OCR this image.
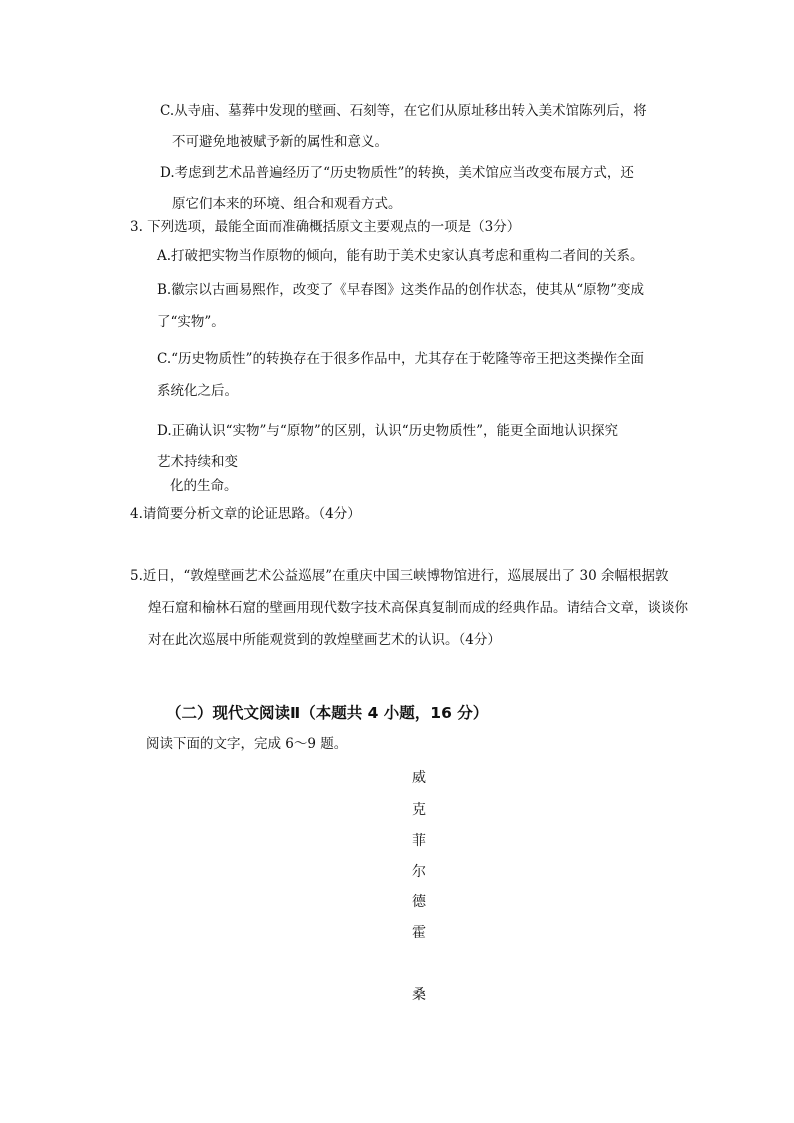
C.从寺庙、墓葬中发现的壁画、石刻等，在它们从原址移出转入美术馆陈列后，将
不可避免地被赋予新的属性和意义。
D.考虑到艺术品普遍经历了“历史物质性”的转换，美术馆应当改变布展方式，还
原它们本来的环境、组合和观看方式。
3. 下列选项，最能全面而准确概括原文主要观点的一项是（3分）
A.打破把实物当作原物的倾向，能有助于美术史家认真考虑和重构二者间的关系。
B.徽宗以古画易熙作，改变了《早春图》这类作品的创作状态，使其从“原物”变成
了“实物”。
C.“历史物质性”的转换存在于很多作品中，尤其存在于乾隆等帝王把这类操作全面
系统化之后。
D.正确认识“实物”与“原物”的区别，认识“历史物质性”，能更全面地认识探究
艺术持续和变
化的生命。
4.请简要分析文章的论证思路。（4分）
5.近日，“敦煌壁画艺术公益巡展”在重庆中国三峡博物馆进行，巡展展出了 30 余幅根据敦
煌石窟和榆林石窟的壁画用现代数字技术高保真复制而成的经典作品。请结合文章，谈谈你
对在此次巡展中所能观赏到的敦煌壁画艺术的认识。（4分）
（二）现代文阅读Ⅱ（本题共 4 小题，16 分）
阅读下面的文字，完成 6～9 题。
威
克
菲
尔
德
霍
桑
